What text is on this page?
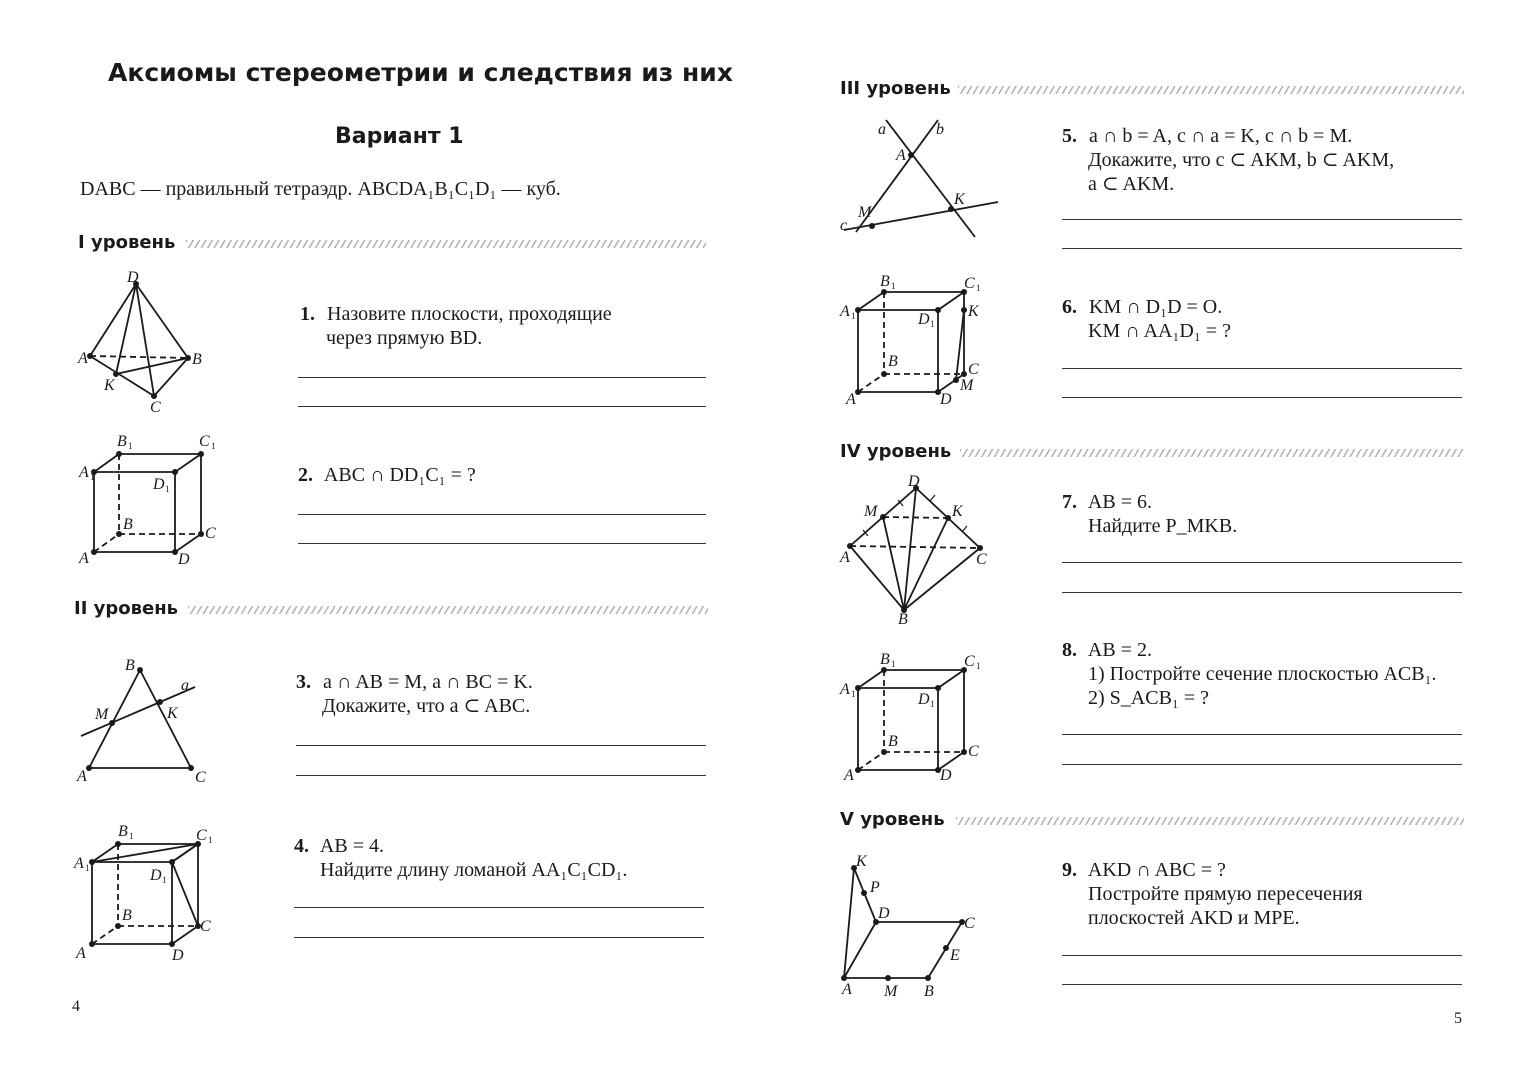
Аксиомы стереометрии и следствия из них
Вариант 1
DABC — правильный тетраэдр. ABCDA₁B₁C₁D₁ — куб.
I уровень
II уровень
1. Назовите плоскости, проходящие
через прямую BD.
2. ABC ∩ DD₁C₁ = ?
3. a ∩ AB = M, a ∩ BC = K.
Докажите, что a ⊂ ABC.
4. AB = 4.
Найдите длину ломаной AA₁C₁CD₁.
4
III уровень
IV уровень
V уровень
5. a ∩ b = A, c ∩ a = K, c ∩ b = M.
Докажите, что c ⊂ AKM, b ⊂ AKM,
a ⊂ AKM.
6. KM ∩ D₁D = O.
KM ∩ AA₁D₁ = ?
7. AB = 6.
Найдите P_MKB.
8. AB = 2.
1) Постройте сечение плоскостью ACB₁.
2) S_ACB₁ = ?
9. AKD ∩ ABC = ?
Постройте прямую пересечения
плоскостей AKD и MPE.
5
D
A	B
C
K
A 1
B 1	C 1
D 1
B
C
A	D
B
a
M	K
A	C
A 1
B 1	C 1
D 1
B
C
A	D
a	b
A
M
K
c
A 1
B 1	C 1
D 1
K
B	C
M
A	D
D
M	K
A	C
B
A 1
B 1	C 1
D 1
B
C
A	D
K
P
D
C
E
A M B
